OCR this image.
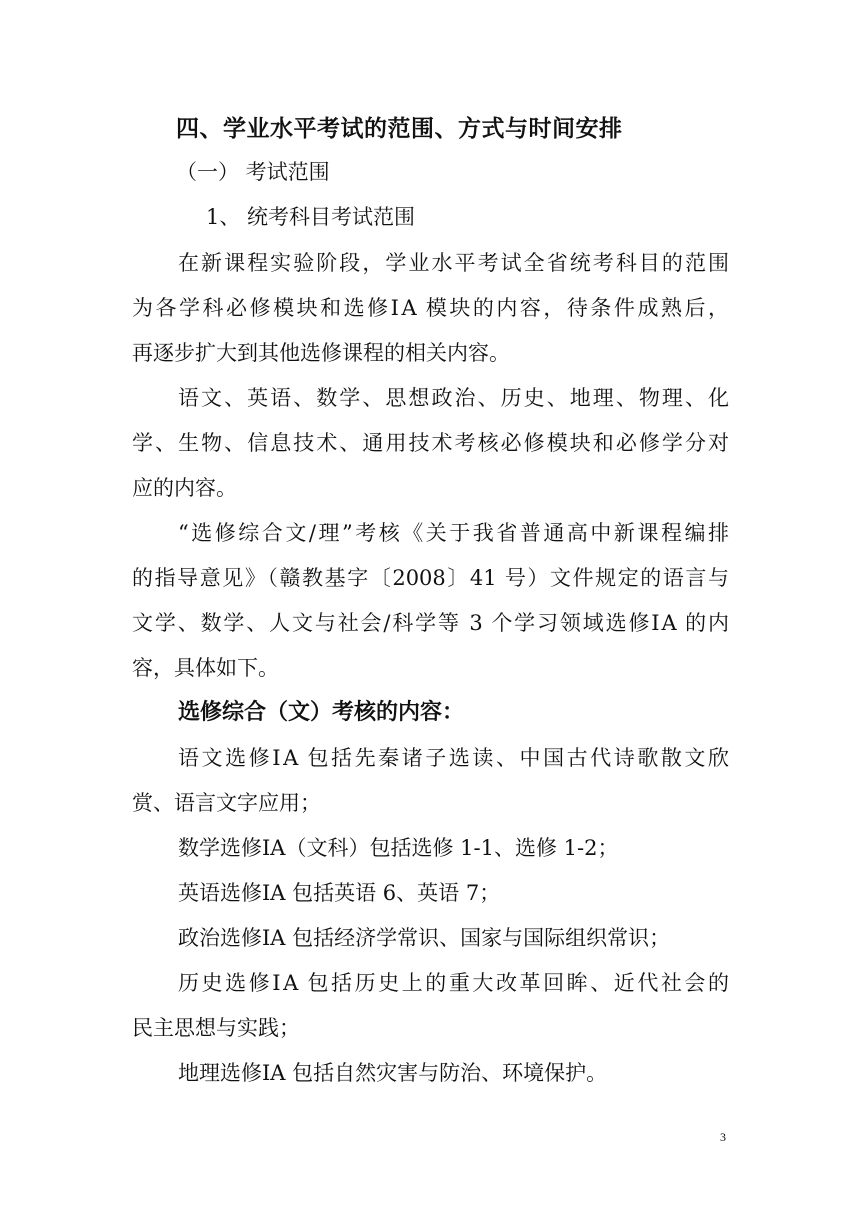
四、学业水平考试的范围、方式与时间安排

（一） 考试范围

1、 统考科目考试范围

在新课程实验阶段，学业水平考试全省统考科目的范围

为各学科必修模块和选修ⅠA 模块的内容，待条件成熟后，

再逐步扩大到其他选修课程的相关内容。

语文、英语、数学、思想政治、历史、地理、物理、化

学、生物、信息技术、通用技术考核必修模块和必修学分对

应的内容。

“选修综合文/理”考核《关于我省普通高中新课程编排

的指导意见》（赣教基字〔2008〕41 号）文件规定的语言与

文学、数学、人文与社会/科学等 3 个学习领域选修ⅠA 的内

容，具体如下。

选修综合（文）考核的内容：

语文选修ⅠA 包括先秦诸子选读、中国古代诗歌散文欣

赏、语言文字应用；

数学选修ⅠA（文科）包括选修 1-1、选修 1-2；

英语选修ⅠA 包括英语 6、英语 7；

政治选修ⅠA 包括经济学常识、国家与国际组织常识；

历史选修ⅠA 包括历史上的重大改革回眸、近代社会的

民主思想与实践；

地理选修ⅠA 包括自然灾害与防治、环境保护。

3
